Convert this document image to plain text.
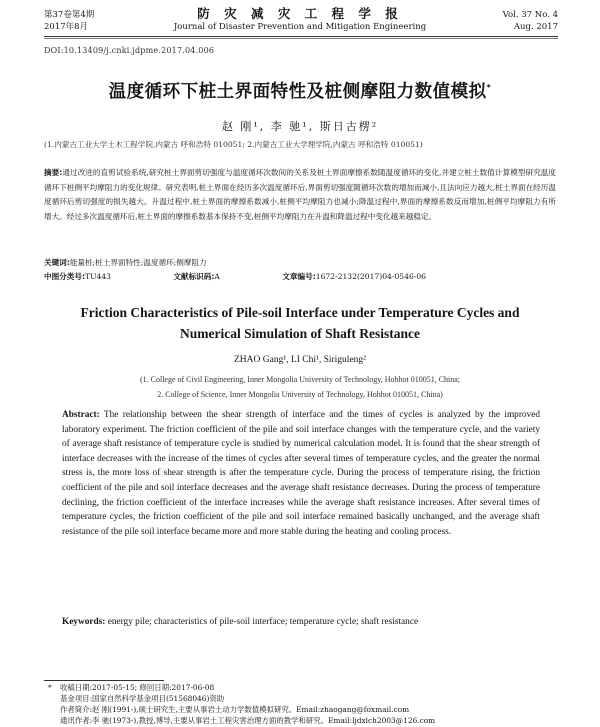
第37卷第4期
2017年8月
防 灾 减 灾 工 程 学 报
Journal of Disaster Prevention and Mitigation Engineering
Vol. 37 No. 4
Aug. 2017
DOI:10.13409/j.cnki.jdpme.2017.04.006
温度循环下桩土界面特性及桩侧摩阻力数值模拟*
赵 刚¹, 李 驰¹, 斯日古楞²
(1.内蒙古工业大学土木工程学院,内蒙古 呼和浩特 010051; 2.内蒙古工业大学理学院,内蒙古 呼和浩特 010051)
摘要:通过改进的直剪试验系统,研究桩土界面剪切强度与温度循环次数间的关系及桩土界面摩擦系数随温度循环的变化,并建立桩土数值计算模型研究温度循环下桩侧平均摩阻力的变化规律。研究表明,桩土界面在经历多次温度循环后,界面剪切强度随循环次数的增加而减小,且法向应力越大,桩土界面在经历温度循环后剪切强度的损失越大。升温过程中,桩土界面的摩擦系数减小,桩侧平均摩阻力也减小;降温过程中,界面的摩擦系数反而增加,桩侧平均摩阻力有所增大。经过多次温度循环后,桩土界面的摩擦系数基本保持不变,桩侧平均摩阻力在升温和降温过程中变化越来越稳定。
关键词:能量桩;桩土界面特性;温度循环;侧摩阻力
中图分类号:TU443	文献标识码:A	文章编号:1672-2132(2017)04-0546-06
Friction Characteristics of Pile-soil Interface under Temperature Cycles and
Numerical Simulation of Shaft Resistance
ZHAO Gang¹, LI Chi¹, Siriguleng²
(1. College of Civil Engineering, Inner Mongolia University of Technology, Hohhot 010051, China;
2. College of Science, Inner Mongolia University of Technology, Hohhot 010051, China)
Abstract: The relationship between the shear strength of interface and the times of cycles is analyzed by the improved laboratory experiment. The friction coefficient of the pile and soil interface changes with the temperature cycle, and the variety of average shaft resistance of temperature cycle is studied by numerical calculation model. It is found that the shear strength of interface decreases with the increase of the times of cycles after several times of temperature cycles, and the greater the normal stress is, the more loss of shear strength is after the temperature cycle. During the process of temperature rising, the friction coefficient of the pile and soil interface decreases and the average shaft resistance decreases. During the process of temperature declining, the friction coefficient of the interface increases while the average shaft resistance increases. After several times of temperature cycles, the friction coefficient of the pile and soil interface remained basically unchanged, and the average shaft resistance of the pile soil interface became more and more stable during the heating and cooling process.
Keywords: energy pile; characteristics of pile-soil interface; temperature cycle; shaft resistance
* 收稿日期:2017-05-15; 修回日期:2017-06-08
基金项目:国家自然科学基金项目(51568046)资助
作者简介:赵 刚(1991-),硕士研究生,主要从事岩土动力学数值模拟研究。Email:zhaogang@foxmail.com
通讯作者:李 驰(1973-),教授,博导,主要从事岩土工程灾害治理方面的教学和研究。Email:ljdxlch2003@126.com
